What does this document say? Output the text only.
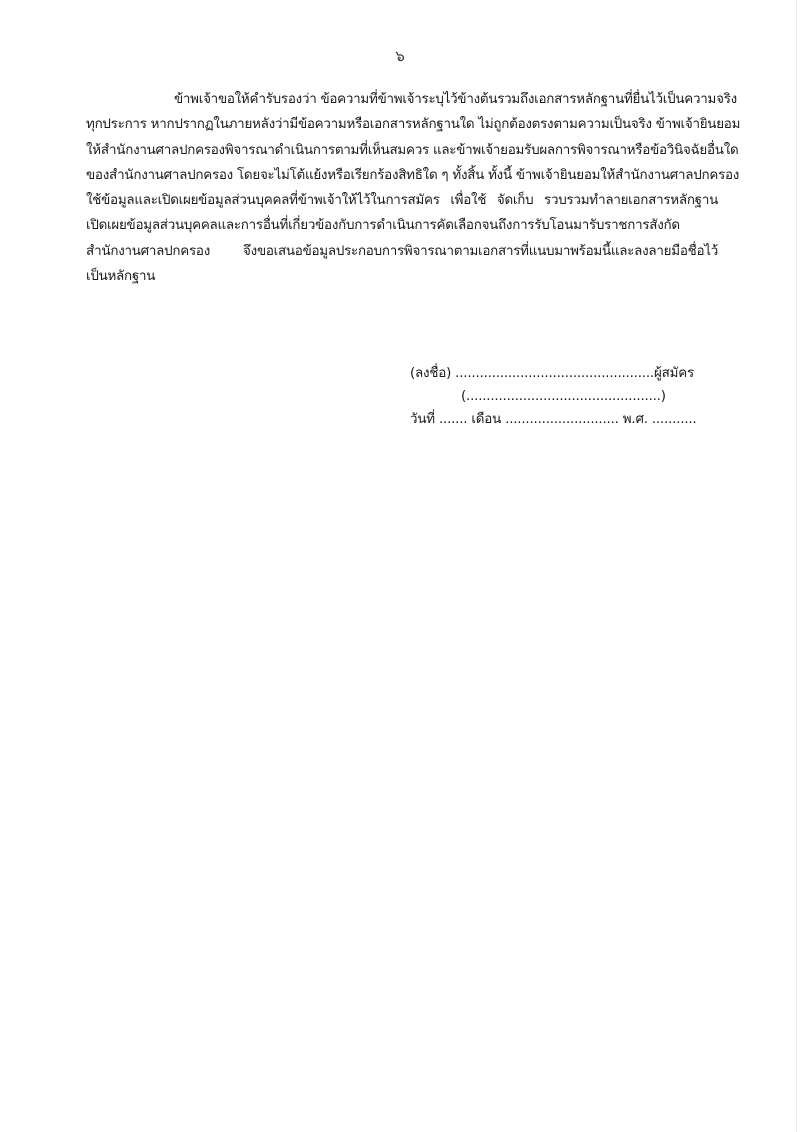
๖
ข้าพเจ้าขอให้คำรับรองว่า ข้อความที่ข้าพเจ้าระบุไว้ข้างต้นรวมถึงเอกสารหลักฐานที่ยื่นไว้เป็นความจริง
ทุกประการ หากปรากฏในภายหลังว่ามีข้อความหรือเอกสารหลักฐานใด ไม่ถูกต้องตรงตามความเป็นจริง ข้าพเจ้ายินยอม
ให้สำนักงานศาลปกครองพิจารณาดำเนินการตามที่เห็นสมควร และข้าพเจ้ายอมรับผลการพิจารณาหรือข้อวินิจฉัยอื่นใด
ของสำนักงานศาลปกครอง โดยจะไม่โต้แย้งหรือเรียกร้องสิทธิใด ๆ ทั้งสิ้น ทั้งนี้ ข้าพเจ้ายินยอมให้สำนักงานศาลปกครอง
ใช้ข้อมูลและเปิดเผยข้อมูลส่วนบุคคลที่ข้าพเจ้าให้ไว้ในการสมัคร เพื่อใช้ จัดเก็บ รวบรวมทำลายเอกสารหลักฐาน
เปิดเผยข้อมูลส่วนบุคคลและการอื่นที่เกี่ยวข้องกับการดำเนินการคัดเลือกจนถึงการรับโอนมารับราชการสังกัด
สำนักงานศาลปกครอง จึงขอเสนอข้อมูลประกอบการพิจารณาตามเอกสารที่แนบมาพร้อมนี้และลงลายมือชื่อไว้
เป็นหลักฐาน
(ลงชื่อ) .................................................ผู้สมัคร
(................................................)
วันที่ ....... เดือน ............................ พ.ศ. ...........
